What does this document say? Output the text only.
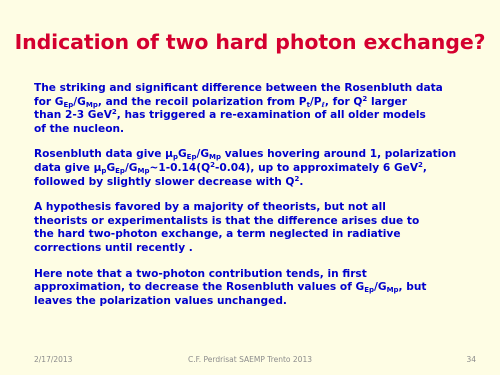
Indication of two hard photon exchange?

The striking and significant difference between the Rosenbluth data
for $G_{Ep}/G_{Mp}$, and the recoil polarization from $P_t/P_\ell$, for $Q^2$ larger
than 2-3 GeV$^2$, has triggered a re-examination of all older models
of the nucleon.

Rosenbluth data give $\mu_pG_{Ep}/G_{Mp}$ values hovering around 1, polarization
data give $\mu_pG_{Ep}/G_{Mp}\sim 1-0.14(Q^2-0.04)$, up to approximately 6 GeV$^2$,
followed by slightly slower decrease with $Q^2$.

A hypothesis favored by a majority of theorists, but not all
theorists or experimentalists is that the difference arises due to
the hard two-photon exchange, a term neglected in radiative
corrections until recently .

Here note that a two-photon contribution tends, in first
approximation, to decrease the Rosenbluth values of $G_{Ep}/G_{Mp}$, but
leaves the polarization values unchanged.

2/17/2013	C.F. Perdrisat SAEMP Trento 2013	34
